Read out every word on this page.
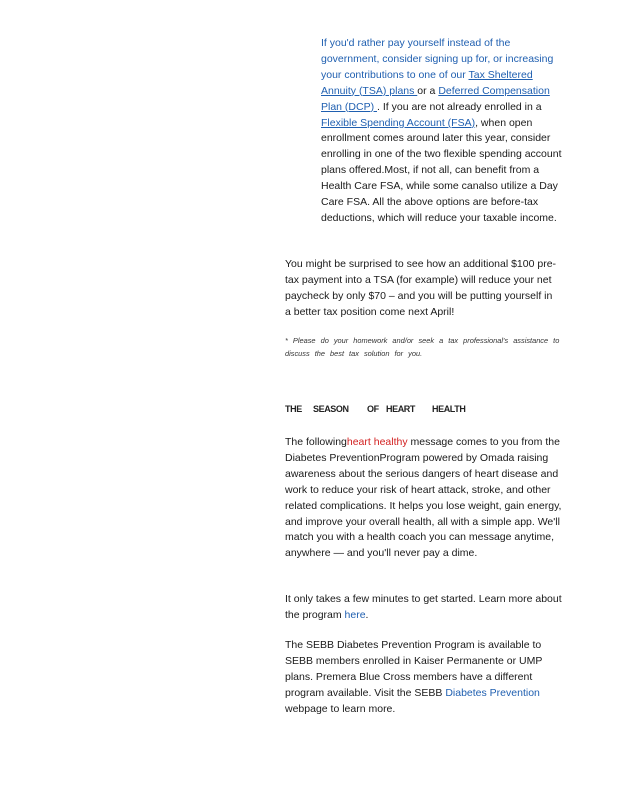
If you'd rather pay yourself instead of the government, consider signing up for, or increasing your contributions to one of our Tax Sheltered Annuity (TSA) plans or a Deferred Compensation Plan (DCP) . If you are not already enrolled in a Flexible Spending Account (FSA), when open enrollment comes around later this year, consider enrolling in one of the two flexible spending account plans offered.Most, if not all, can benefit from a Health Care FSA, while some canalso utilize a Day Care FSA. All the above options are before-tax deductions, which will reduce your taxable income.

You might be surprised to see how an additional $100 pre-tax payment into a TSA (for example) will reduce your net paycheck by only $70 – and you will be putting yourself in a better tax position come next April!

* Please do your homework and/or seek a tax professional's assistance to discuss the best tax solution for you.

THE SEASON OF HEART HEALTH

The followingheart healthy message comes to you from the Diabetes PreventionProgram powered by Omada raising awareness about the serious dangers of heart disease and work to reduce your risk of heart attack, stroke, and other related complications. It helps you lose weight, gain energy, and improve your overall health, all with a simple app. We'll match you with a health coach you can message anytime, anywhere — and you'll never pay a dime.

It only takes a few minutes to get started. Learn more about the program here.

The SEBB Diabetes Prevention Program is available to SEBB members enrolled in Kaiser Permanente or UMP plans. Premera Blue Cross members have a different program available. Visit the SEBB Diabetes Prevention webpage to learn more.
